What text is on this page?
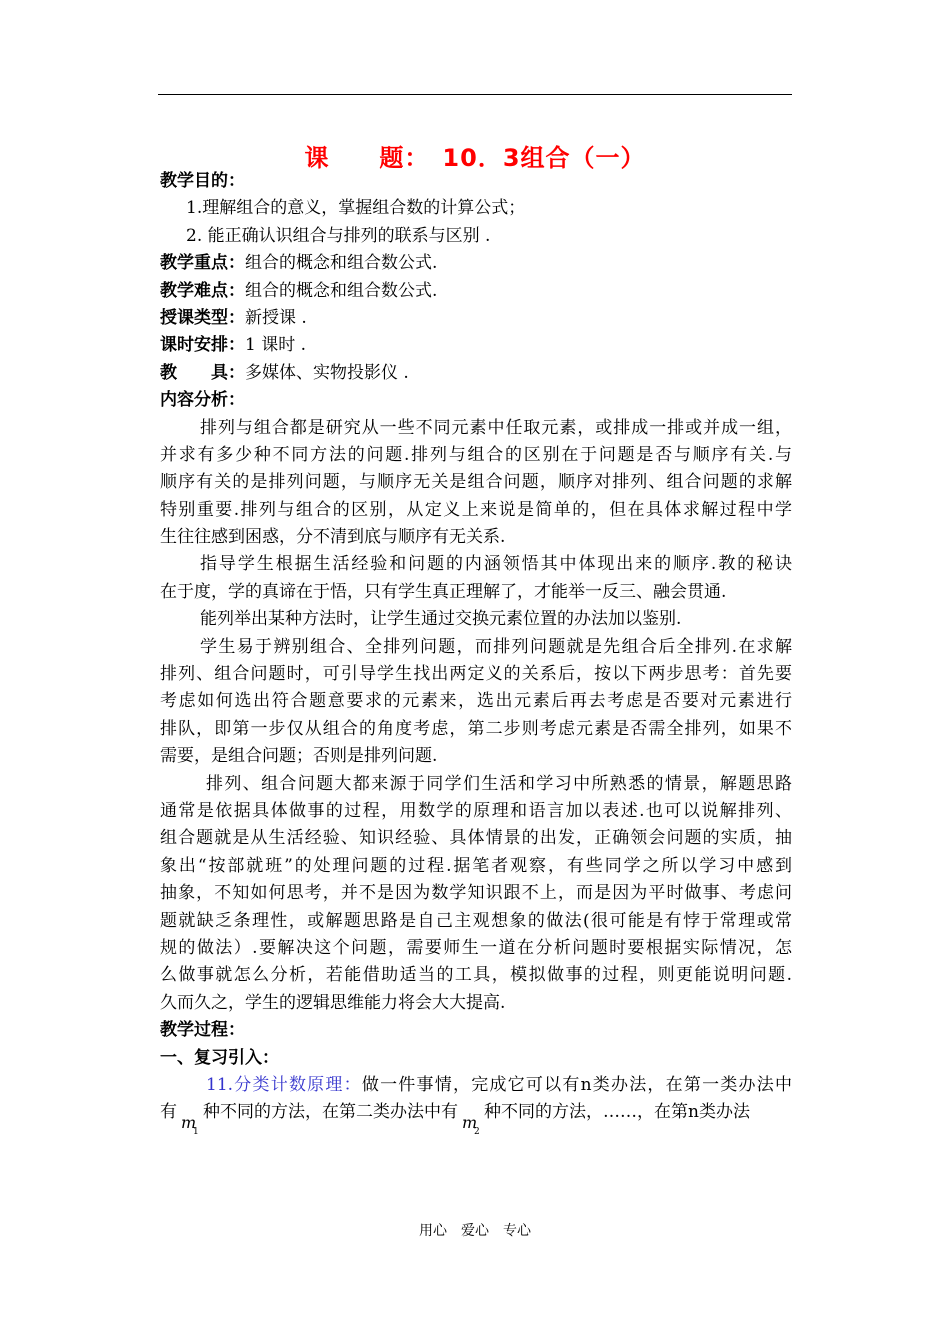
课　　题：　10．3组合（一）
教学目的：
1.理解组合的意义，掌握组合数的计算公式；
2. 能正确认识组合与排列的联系与区别 .
教学重点：组合的概念和组合数公式.
教学难点：组合的概念和组合数公式.
授课类型：新授课 .
课时安排：1 课时 .
教　　具：多媒体、实物投影仪 .
内容分析：
排列与组合都是研究从一些不同元素中任取元素，或排成一排或并成一组，
并求有多少种不同方法的问题.排列与组合的区别在于问题是否与顺序有关.与
顺序有关的是排列问题，与顺序无关是组合问题，顺序对排列、组合问题的求解
特别重要.排列与组合的区别，从定义上来说是简单的，但在具体求解过程中学
生往往感到困惑，分不清到底与顺序有无关系.
指导学生根据生活经验和问题的内涵领悟其中体现出来的顺序.教的秘诀
在于度，学的真谛在于悟，只有学生真正理解了，才能举一反三、融会贯通.
能列举出某种方法时，让学生通过交换元素位置的办法加以鉴别.
学生易于辨别组合、全排列问题，而排列问题就是先组合后全排列.在求解
排列、组合问题时，可引导学生找出两定义的关系后，按以下两步思考：首先要
考虑如何选出符合题意要求的元素来，选出元素后再去考虑是否要对元素进行
排队，即第一步仅从组合的角度考虑，第二步则考虑元素是否需全排列，如果不
需要，是组合问题；否则是排列问题.
排列、组合问题大都来源于同学们生活和学习中所熟悉的情景，解题思路
通常是依据具体做事的过程，用数学的原理和语言加以表述.也可以说解排列、
组合题就是从生活经验、知识经验、具体情景的出发，正确领会问题的实质，抽
象出“按部就班”的处理问题的过程.据笔者观察，有些同学之所以学习中感到
抽象，不知如何思考，并不是因为数学知识跟不上，而是因为平时做事、考虑问
题就缺乏条理性，或解题思路是自己主观想象的做法(很可能是有悖于常理或常
规的做法）.要解决这个问题，需要师生一道在分析问题时要根据实际情况，怎
么做事就怎么分析，若能借助适当的工具，模拟做事的过程，则更能说明问题.
久而久之，学生的逻辑思维能力将会大大提高.
教学过程：
一、复习引入：
11.分类计数原理：做一件事情，完成它可以有n类办法，在第一类办法中
有
m
1
种不同的方法，在第二类办法中有
m
2
种不同的方法，……，在第n类办法
用心　爱心　专心
